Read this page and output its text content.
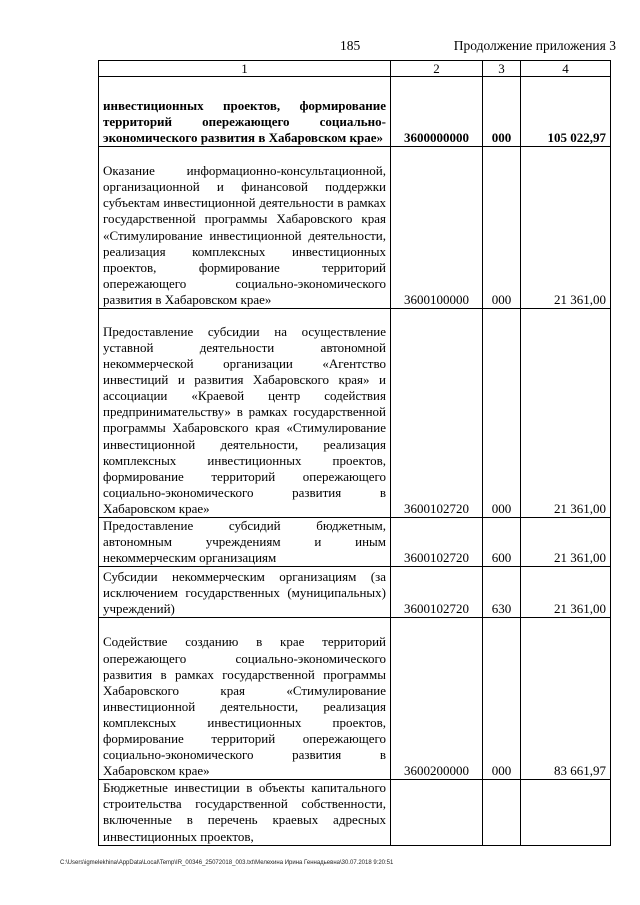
185	Продолжение приложения 3
1	2	3	4
инвестиционных проектов, формирование территорий опережающего социально-экономического развития в Хабаровском крае»	3600000000	000	105 022,97
Оказание информационно-консультационной, организационной и финансовой поддержки субъектам инвестиционной деятельности в рамках государственной программы Хабаровского края «Стимулирование инвестиционной деятельности, реализация комплексных инвестиционных проектов, формирование территорий опережающего социально-экономического развития в Хабаровском крае»	3600100000	000	21 361,00
Предоставление субсидии на осуществление уставной деятельности автономной некоммерческой организации «Агентство инвестиций и развития Хабаровского края» и ассоциации «Краевой центр содействия предпринимательству» в рамках государственной программы Хабаровского края «Стимулирование инвестиционной деятельности, реализация комплексных инвестиционных проектов, формирование территорий опережающего социально-экономического развития в Хабаровском крае»	3600102720	000	21 361,00
Предоставление субсидий бюджетным, автономным учреждениям и иным некоммерческим организациям	3600102720	600	21 361,00
Субсидии некоммерческим организациям (за исключением государственных (муниципальных) учреждений)	3600102720	630	21 361,00
Содействие созданию в крае территорий опережающего социально-экономического развития в рамках государственной программы Хабаровского края «Стимулирование инвестиционной деятельности, реализация комплексных инвестиционных проектов, формирование территорий опережающего социально-экономического развития в Хабаровском крае»	3600200000	000	83 661,97
Бюджетные инвестиции в объекты капитального строительства государственной собственности, включенные в перечень краевых адресных инвестиционных проектов,			
C:\Users\igmelekhina\AppData\Local\Temp\IR_00346_25072018_003.txt\Мелехина Ирина Геннадьевна\30.07.2018 9:20:51
